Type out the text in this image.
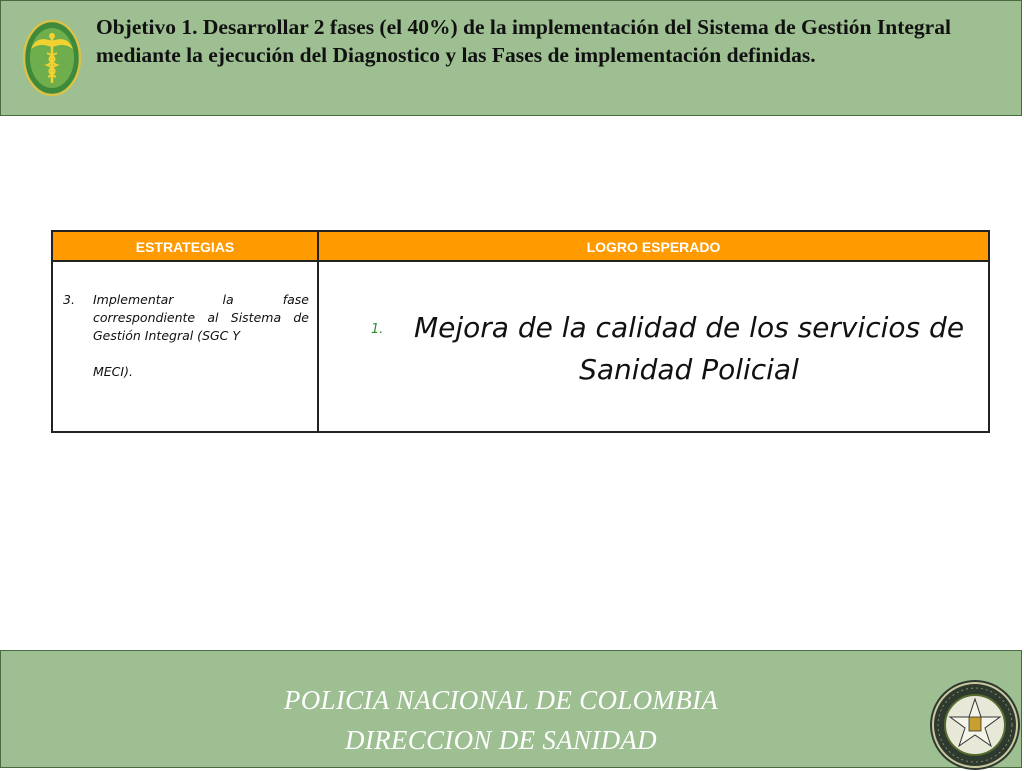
Objetivo 1. Desarrollar 2 fases (el 40%) de la implementación del Sistema de Gestión Integral mediante la ejecución del Diagnostico y las Fases de implementación definidas.
ESTRATEGIAS	LOGRO ESPERADO
3.	Implementar la fase correspondiente al Sistema de Gestión Integral (SGC Y
MECI).
1. Mejora de la calidad de los servicios de Sanidad Policial
POLICIA NACIONAL DE COLOMBIA
DIRECCION DE SANIDAD
